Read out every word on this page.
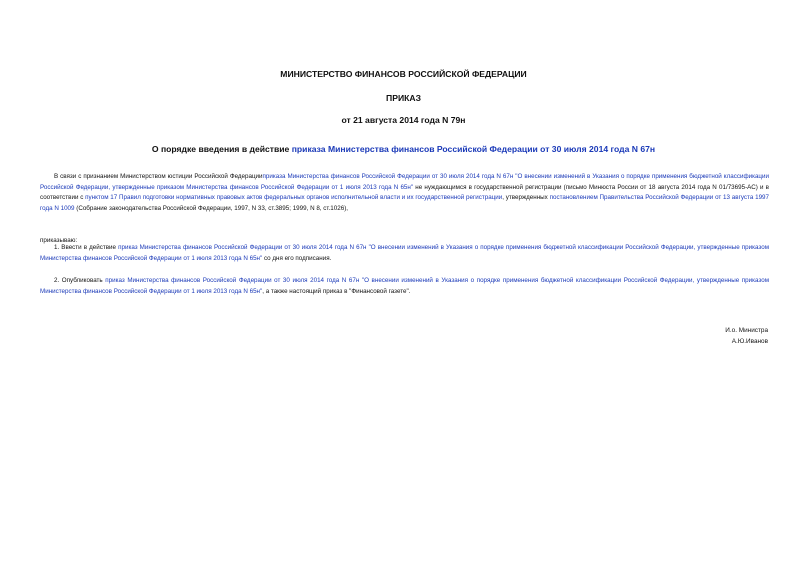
МИНИСТЕРСТВО ФИНАНСОВ РОССИЙСКОЙ ФЕДЕРАЦИИ
ПРИКАЗ
от 21 августа 2014 года N 79н
О порядке введения в действие приказа Министерства финансов Российской Федерации от 30 июля 2014 года N 67н
В связи с признанием Министерством юстиции Российской Федерацииприказа Министерства финансов Российской Федерации от 30 июля 2014 года N 67н "О внесении изменений в Указания о порядке применения бюджетной классификации Российской Федерации, утвержденные приказом Министерства финансов Российской Федерации от 1 июля 2013 года N 65н" не нуждающимся в государственной регистрации (письмо Минюста России от 18 августа 2014 года N 01/73695-АС) и в соответствии с пунктом 17 Правил подготовки нормативных правовых актов федеральных органов исполнительной власти и их государственной регистрации, утвержденных постановлением Правительства Российской Федерации от 13 августа 1997 года N 1009 (Собрание законодательства Российской Федерации, 1997, N 33, ст.3895; 1999, N 8, ст.1026),
приказываю:
1. Ввести в действие приказ Министерства финансов Российской Федерации от 30 июля 2014 года N 67н "О внесении изменений в Указания о порядке применения бюджетной классификации Российской Федерации, утвержденные приказом Министерства финансов Российской Федерации от 1 июля 2013 года N 65н" со дня его подписания.
2. Опубликовать приказ Министерства финансов Российской Федерации от 30 июля 2014 года N 67н "О внесении изменений в Указания о порядке применения бюджетной классификации Российской Федерации, утвержденные приказом Министерства финансов Российской Федерации от 1 июля 2013 года N 65н", а также настоящий приказ в "Финансовой газете".
И.о. Министра
А.Ю.Иванов
